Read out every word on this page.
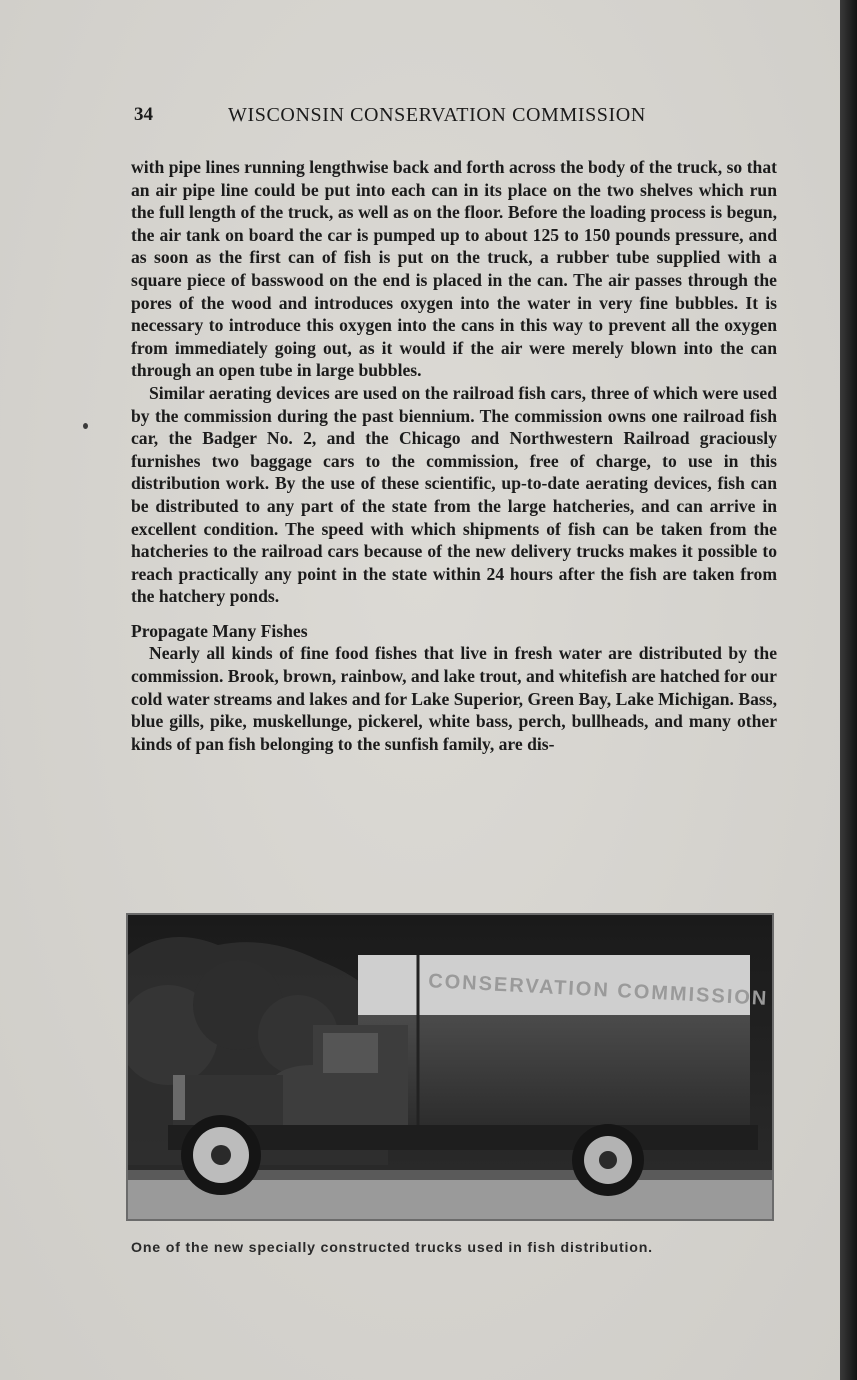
34	WISCONSIN CONSERVATION COMMISSION

with pipe lines running lengthwise back and forth across the body of the truck, so that an air pipe line could be put into each can in its place on the two shelves which run the full length of the truck, as well as on the floor. Before the loading process is begun, the air tank on board the car is pumped up to about 125 to 150 pounds pressure, and as soon as the first can of fish is put on the truck, a rubber tube supplied with a square piece of basswood on the end is placed in the can. The air passes through the pores of the wood and introduces oxygen into the water in very fine bubbles. It is necessary to introduce this oxygen into the cans in this way to prevent all the oxygen from immediately going out, as it would if the air were merely blown into the can through an open tube in large bubbles.

Similar aerating devices are used on the railroad fish cars, three of which were used by the commission during the past biennium. The commission owns one railroad fish car, the Badger No. 2, and the Chicago and Northwestern Railroad graciously furnishes two baggage cars to the commission, free of charge, to use in this distribution work. By the use of these scientific, up-to-date aerating devices, fish can be distributed to any part of the state from the large hatcheries, and can arrive in excellent condition. The speed with which shipments of fish can be taken from the hatcheries to the railroad cars because of the new delivery trucks makes it possible to reach practically any point in the state within 24 hours after the fish are taken from the hatchery ponds.

Propagate Many Fishes

Nearly all kinds of fine food fishes that live in fresh water are distributed by the commission. Brook, brown, rainbow, and lake trout, and whitefish are hatched for our cold water streams and lakes and for Lake Superior, Green Bay, Lake Michigan. Bass, blue gills, pike, muskellunge, pickerel, white bass, perch, bullheads, and many other kinds of pan fish belonging to the sunfish family, are dis-

CONSERVATION COMMISSION
One of the new specially constructed trucks used in fish distribution.
